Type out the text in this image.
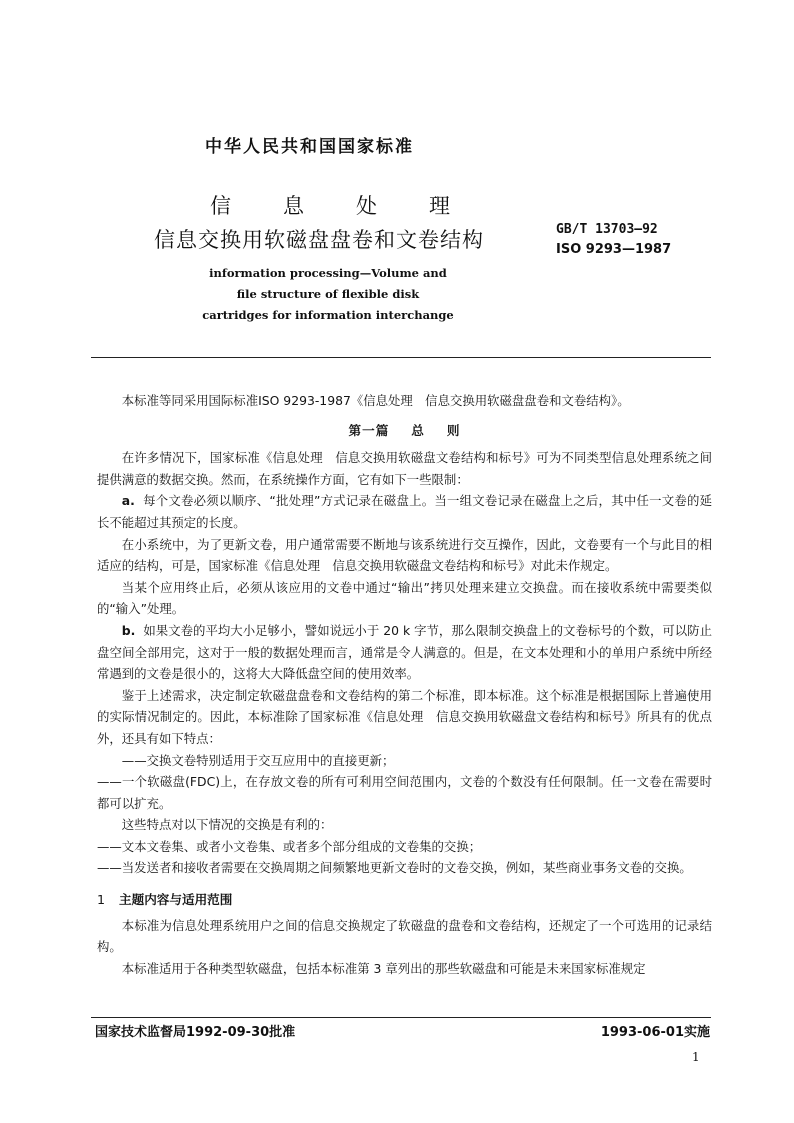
中华人民共和国国家标准
信息处理
信息交换用软磁盘盘卷和文卷结构	GB/T 13703—92
ISO 9293—1987
information processing—Volume and
file structure of flexible disk
cartridges for information interchange

本标准等同采用国际标准ISO 9293-1987《信息处理　信息交换用软磁盘盘卷和文卷结构》。

第一篇 总 则

在许多情况下，国家标准《信息处理　信息交换用软磁盘文卷结构和标号》可为不同类型信息处理系统之间提供满意的数据交换。然而，在系统操作方面，它有如下一些限制：

a. 每个文卷必须以顺序、“批处理”方式记录在磁盘上。当一组文卷记录在磁盘上之后，其中任一文卷的延长不能超过其预定的长度。

在小系统中，为了更新文卷，用户通常需要不断地与该系统进行交互操作，因此，文卷要有一个与此目的相适应的结构，可是，国家标准《信息处理　信息交换用软磁盘文卷结构和标号》对此未作规定。

当某个应用终止后，必须从该应用的文卷中通过“输出”拷贝处理来建立交换盘。而在接收系统中需要类似的“输入”处理。

b. 如果文卷的平均大小足够小，譬如说远小于 20 k 字节，那么限制交换盘上的文卷标号的个数，可以防止盘空间全部用完，这对于一般的数据处理而言，通常是令人满意的。但是，在文本处理和小的单用户系统中所经常遇到的文卷是很小的，这将大大降低盘空间的使用效率。

鉴于上述需求，决定制定软磁盘盘卷和文卷结构的第二个标准，即本标准。这个标准是根据国际上普遍使用的实际情况制定的。因此，本标准除了国家标准《信息处理　信息交换用软磁盘文卷结构和标号》所具有的优点外，还具有如下特点：

——交换文卷特别适用于交互应用中的直接更新；

——一个软磁盘(FDC)上，在存放文卷的所有可利用空间范围内，文卷的个数没有任何限制。任一文卷在需要时都可以扩充。

这些特点对以下情况的交换是有利的：

——文本文卷集、或者小文卷集、或者多个部分组成的文卷集的交换；

——当发送者和接收者需要在交换周期之间频繁地更新文卷时的文卷交换，例如，某些商业事务文卷的交换。

1 主题内容与适用范围

本标准为信息处理系统用户之间的信息交换规定了软磁盘的盘卷和文卷结构，还规定了一个可选用的记录结构。

本标准适用于各种类型软磁盘，包括本标准第 3 章列出的那些软磁盘和可能是未来国家标准规定

国家技术监督局1992-09-30批准	1993-06-01实施
1
